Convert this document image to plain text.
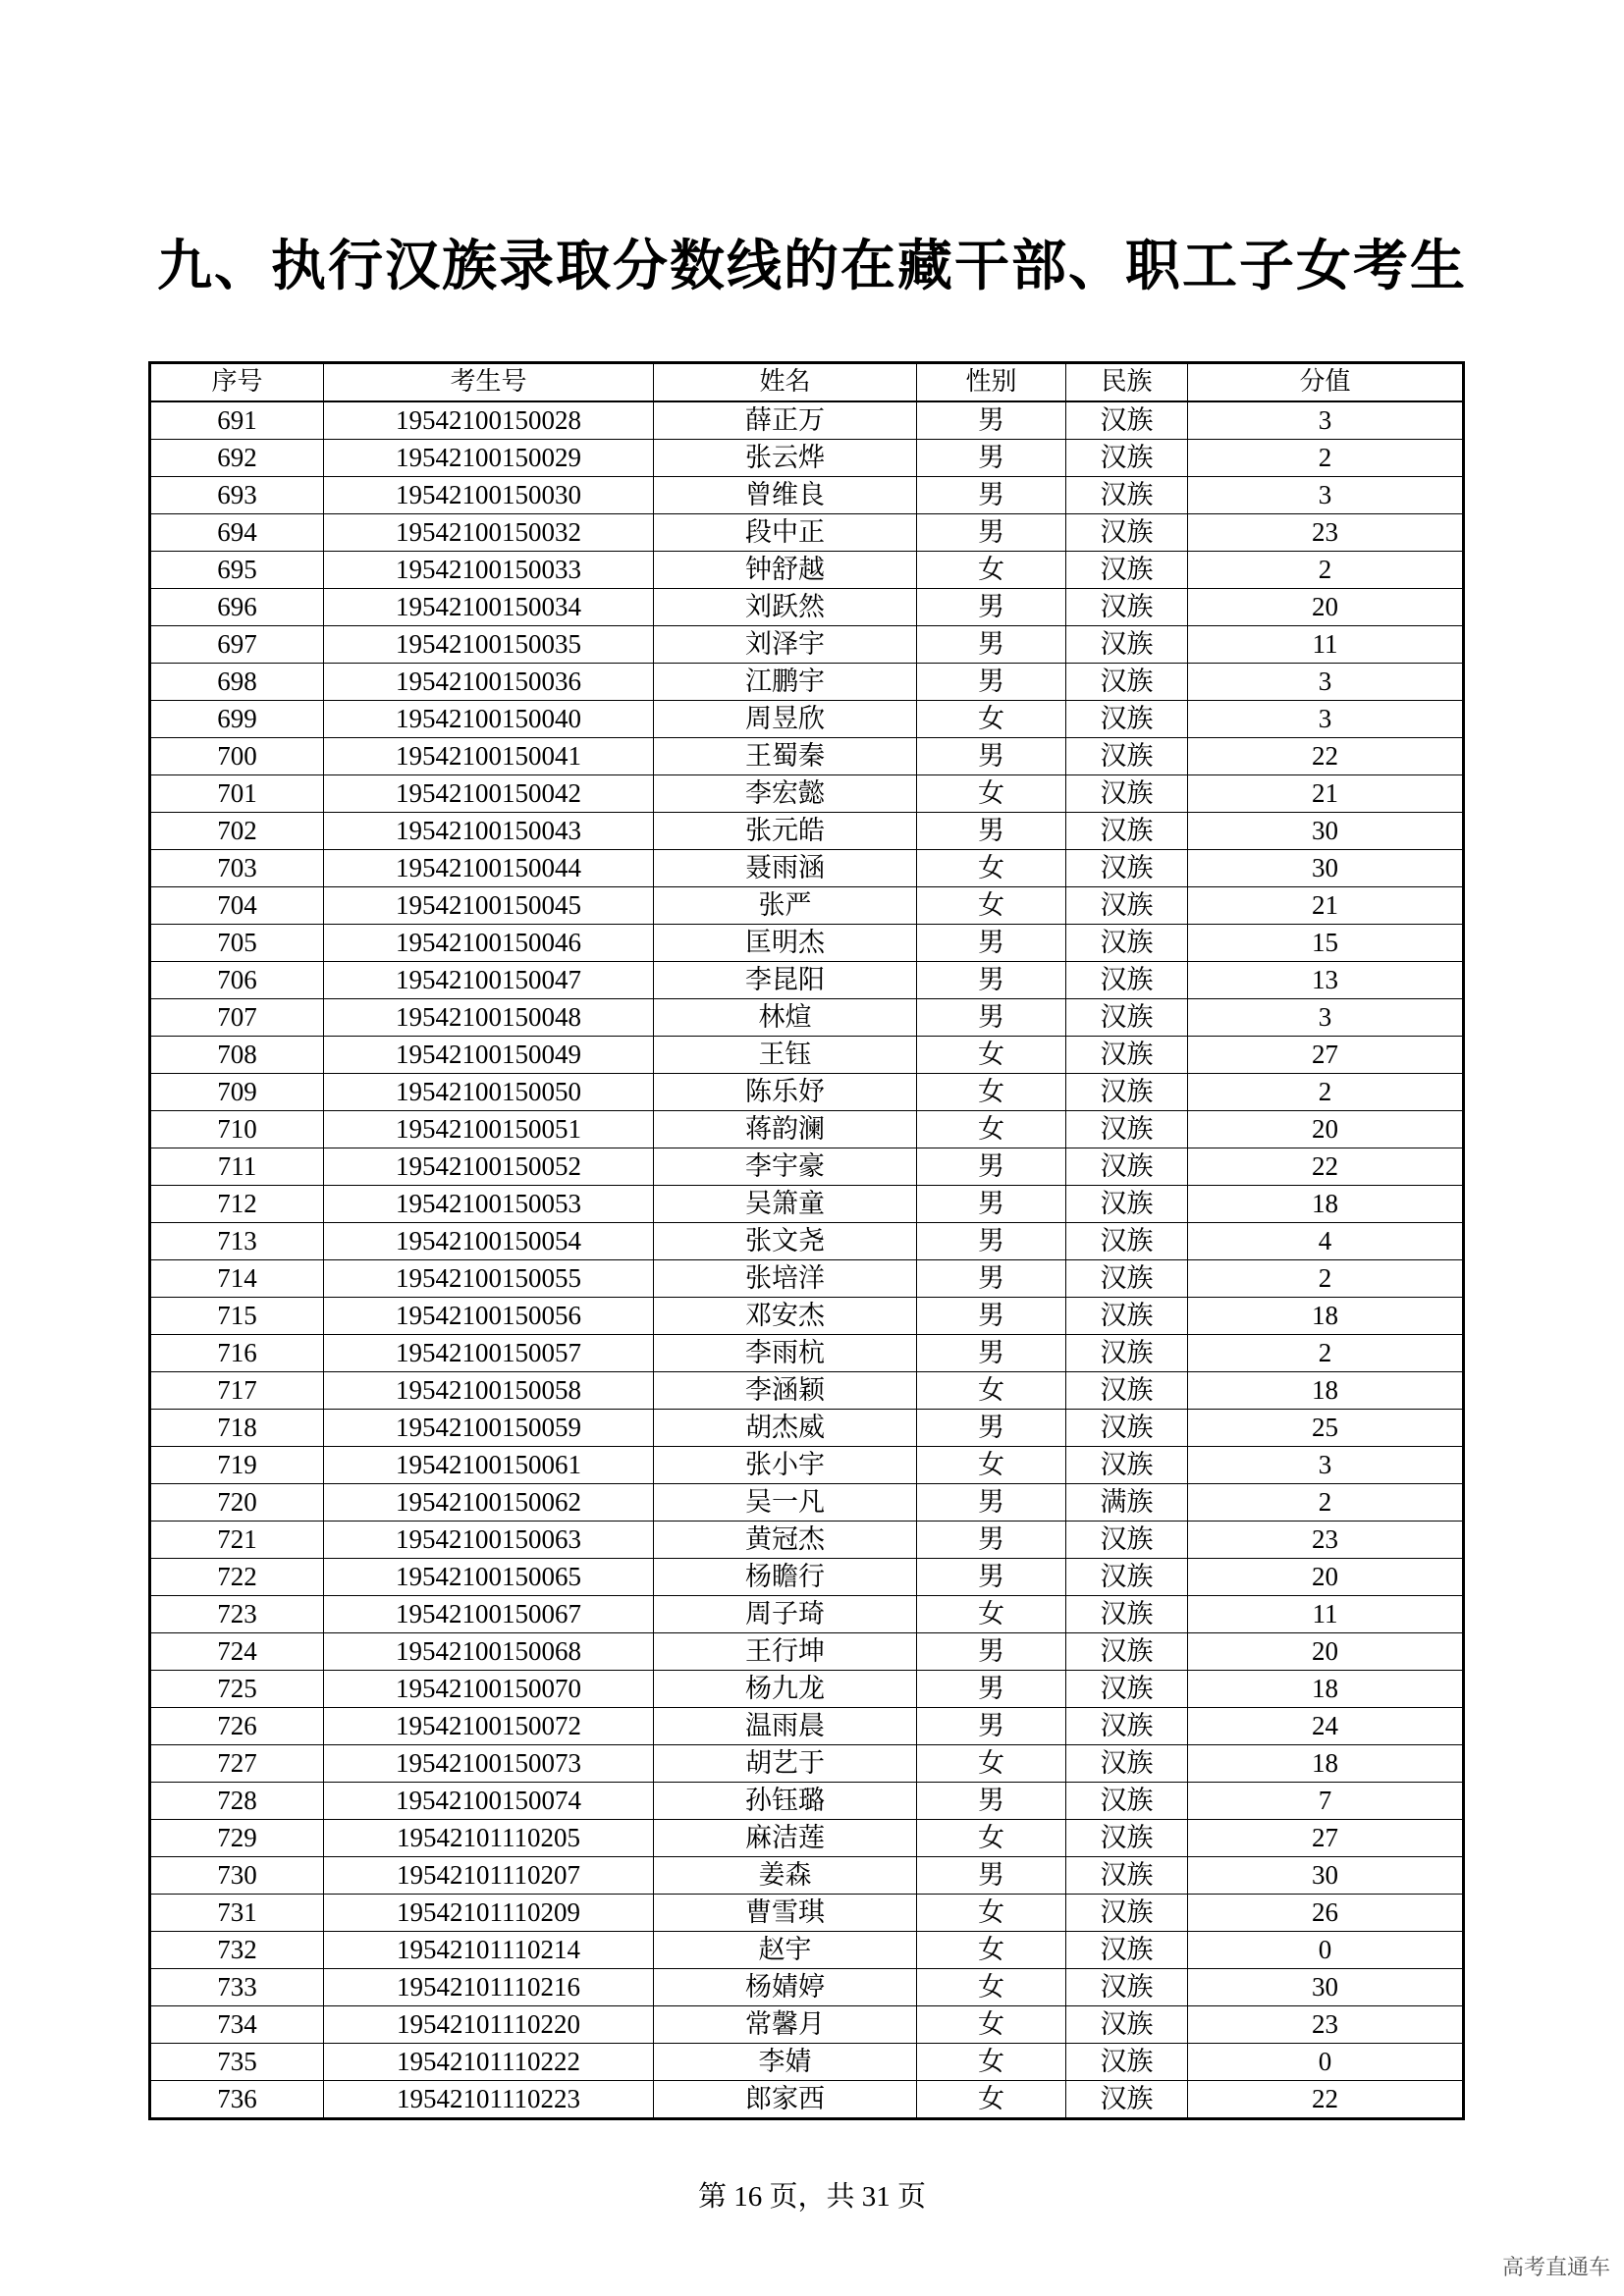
九、执行汉族录取分数线的在藏干部、职工子女考生
序号	考生号	姓名	性别	民族	分值
691	19542100150028	薛正万	男	汉族	3
692	19542100150029	张云烨	男	汉族	2
693	19542100150030	曾维良	男	汉族	3
694	19542100150032	段中正	男	汉族	23
695	19542100150033	钟舒越	女	汉族	2
696	19542100150034	刘跃然	男	汉族	20
697	19542100150035	刘泽宇	男	汉族	11
698	19542100150036	江鹏宇	男	汉族	3
699	19542100150040	周昱欣	女	汉族	3
700	19542100150041	王蜀秦	男	汉族	22
701	19542100150042	李宏懿	女	汉族	21
702	19542100150043	张元皓	男	汉族	30
703	19542100150044	聂雨涵	女	汉族	30
704	19542100150045	张严	女	汉族	21
705	19542100150046	匡明杰	男	汉族	15
706	19542100150047	李昆阳	男	汉族	13
707	19542100150048	林煊	男	汉族	3
708	19542100150049	王钰	女	汉族	27
709	19542100150050	陈乐妤	女	汉族	2
710	19542100150051	蒋韵澜	女	汉族	20
711	19542100150052	李宇豪	男	汉族	22
712	19542100150053	吴箫童	男	汉族	18
713	19542100150054	张文尧	男	汉族	4
714	19542100150055	张培洋	男	汉族	2
715	19542100150056	邓安杰	男	汉族	18
716	19542100150057	李雨杭	男	汉族	2
717	19542100150058	李涵颖	女	汉族	18
718	19542100150059	胡杰威	男	汉族	25
719	19542100150061	张小宇	女	汉族	3
720	19542100150062	吴一凡	男	满族	2
721	19542100150063	黄冠杰	男	汉族	23
722	19542100150065	杨瞻行	男	汉族	20
723	19542100150067	周子琦	女	汉族	11
724	19542100150068	王行坤	男	汉族	20
725	19542100150070	杨九龙	男	汉族	18
726	19542100150072	温雨晨	男	汉族	24
727	19542100150073	胡艺于	女	汉族	18
728	19542100150074	孙钰璐	男	汉族	7
729	19542101110205	麻洁莲	女	汉族	27
730	19542101110207	姜森	男	汉族	30
731	19542101110209	曹雪琪	女	汉族	26
732	19542101110214	赵宇	女	汉族	0
733	19542101110216	杨婧婷	女	汉族	30
734	19542101110220	常馨月	女	汉族	23
735	19542101110222	李婧	女	汉族	0
736	19542101110223	郎家西	女	汉族	22
第 16 页，共 31 页
高考直通车
